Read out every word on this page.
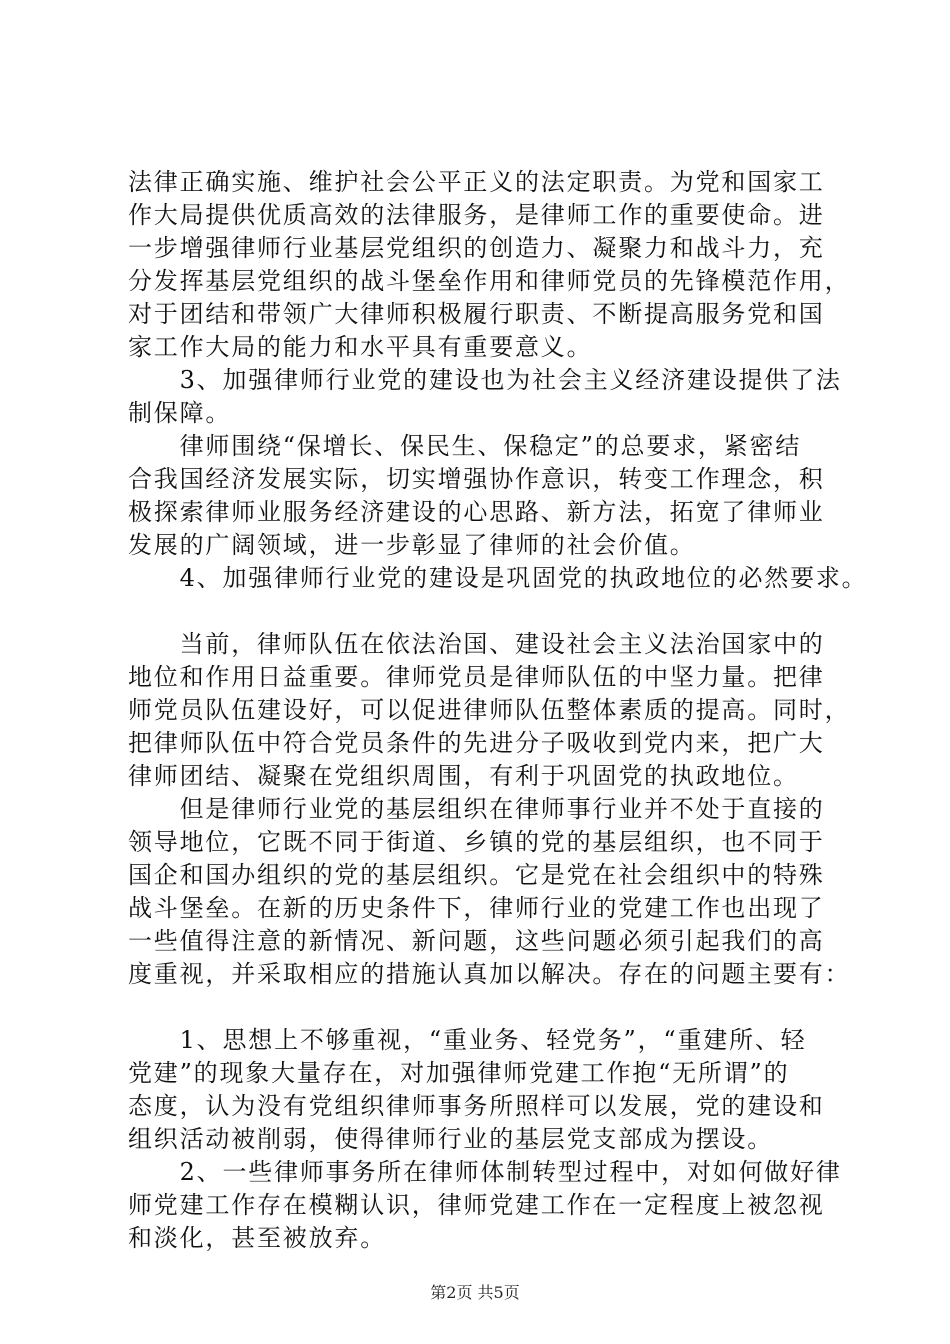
法律正确实施、维护社会公平正义的法定职责。为党和国家工
作大局提供优质高效的法律服务，是律师工作的重要使命。进
一步增强律师行业基层党组织的创造力、凝聚力和战斗力，充
分发挥基层党组织的战斗堡垒作用和律师党员的先锋模范作用，
对于团结和带领广大律师积极履行职责、不断提高服务党和国
家工作大局的能力和水平具有重要意义。
　　3、加强律师行业党的建设也为社会主义经济建设提供了法
制保障。
　　律师围绕“保增长、保民生、保稳定”的总要求，紧密结
合我国经济发展实际，切实增强协作意识，转变工作理念，积
极探索律师业服务经济建设的心思路、新方法，拓宽了律师业
发展的广阔领域，进一步彰显了律师的社会价值。
　　4、加强律师行业党的建设是巩固党的执政地位的必然要求。
　　当前，律师队伍在依法治国、建设社会主义法治国家中的
地位和作用日益重要。律师党员是律师队伍的中坚力量。把律
师党员队伍建设好，可以促进律师队伍整体素质的提高。同时，
把律师队伍中符合党员条件的先进分子吸收到党内来，把广大
律师团结、凝聚在党组织周围，有利于巩固党的执政地位。
　　但是律师行业党的基层组织在律师事行业并不处于直接的
领导地位，它既不同于街道、乡镇的党的基层组织，也不同于
国企和国办组织的党的基层组织。它是党在社会组织中的特殊
战斗堡垒。在新的历史条件下，律师行业的党建工作也出现了
一些值得注意的新情况、新问题，这些问题必须引起我们的高
度重视，并采取相应的措施认真加以解决。存在的问题主要有：
　　1、思想上不够重视，“重业务、轻党务”，“重建所、轻
党建”的现象大量存在，对加强律师党建工作抱“无所谓”的
态度，认为没有党组织律师事务所照样可以发展，党的建设和
组织活动被削弱，使得律师行业的基层党支部成为摆设。
　　2、一些律师事务所在律师体制转型过程中，对如何做好律
师党建工作存在模糊认识，律师党建工作在一定程度上被忽视
和淡化，甚至被放弃。
第2页 共5页
